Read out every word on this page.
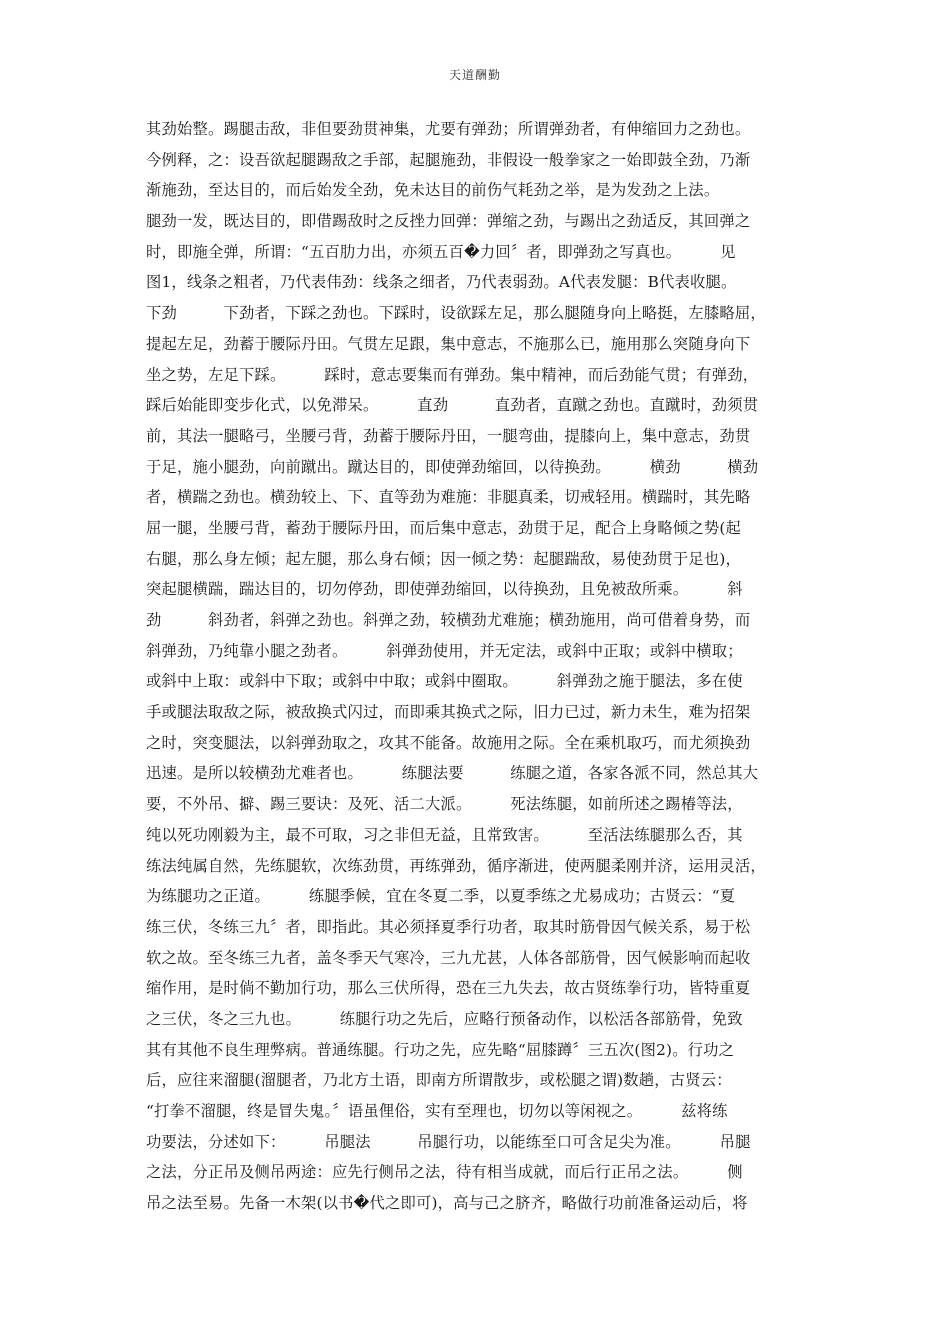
天道酬勤
其劲始整。踢腿击敌，非但要劲贯神集，尤要有弹劲；所谓弹劲者，有伸缩回力之劲也。
今例释，之：设吾欲起腿踢敌之手部，起腿施劲，非假设一般拳家之一始即鼓全劲，乃渐
渐施劲，至达目的，而后始发全劲，免未达目的前伤气耗劲之举，是为发劲之上法。
腿劲一发，既达目的，即借踢敌时之反挫力回弹：弹缩之劲，与踢出之劲适反，其回弹之
时，即施全弹，所谓：“五百肋力出，亦须五百�力回〞者，即弹劲之写真也。　　　见
图1，线条之粗者，乃代表伟劲：线条之细者，乃代表弱劲。A代表发腿：B代表收腿。
下劲　　　下劲者，下踩之劲也。下踩时，设欲踩左足，那么腿随身向上略挺，左膝略屈，
提起左足，劲蓄于腰际丹田。气贯左足跟，集中意志，不施那么已，施用那么突随身向下
坐之势，左足下踩。　　　踩时，意志要集而有弹劲。集中精神，而后劲能气贯；有弹劲，
踩后始能即变步化式，以免滞呆。　　　直劲　　　直劲者，直蹴之劲也。直蹴时，劲须贯
前，其法一腿略弓，坐腰弓背，劲蓄于腰际丹田，一腿弯曲，提膝向上，集中意志，劲贯
于足，施小腿劲，向前蹴出。蹴达目的，即使弹劲缩回，以待换劲。　　　横劲　　　横劲
者，横踹之劲也。横劲较上、下、直等劲为难施：非腿真柔，切戒轻用。横踹时，其先略
屈一腿，坐腰弓背，蓄劲于腰际丹田，而后集中意志，劲贯于足，配合上身略倾之势(起
右腿，那么身左倾；起左腿，那么身右倾；因一倾之势：起腿踹敌，易使劲贯于足也)，
突起腿横踹，踹达目的，切勿停劲，即使弹劲缩回，以待换劲，且免被敌所乘。　　　斜
劲　　　斜劲者，斜弹之劲也。斜弹之劲，较横劲尤难施；横劲施用，尚可借着身势，而
斜弹劲，乃纯靠小腿之劲者。　　　斜弹劲使用，并无定法，或斜中正取；或斜中横取；
或斜中上取：或斜中下取；或斜中中取；或斜中圈取。　　　斜弹劲之施于腿法，多在使
手或腿法取敌之际，被敌换式闪过，而即乘其换式之际，旧力已过，新力未生，难为招架
之时，突变腿法，以斜弹劲取之，攻其不能备。故施用之际。全在乘机取巧，而尤须换劲
迅速。是所以较横劲尤难者也。　　　练腿法要　　　练腿之道，各家各派不同，然总其大
要，不外吊、擗、踢三要诀：及死、活二大派。　　　死法练腿，如前所述之踢椿等法，
纯以死功刚毅为主，最不可取，习之非但无益，且常致害。　　　至活法练腿那么否，其
练法纯属自然，先练腿软，次练劲贯，再练弹劲，循序渐进，使两腿柔刚并济，运用灵活，
为练腿功之正道。　　　练腿季候，宜在冬夏二季，以夏季练之尤易成功；古贤云：“夏
练三伏，冬练三九〞者，即指此。其必须择夏季行功者，取其时筋骨因气候关系，易于松
软之故。至冬练三九者，盖冬季天气寒冷，三九尤甚，人体各部筋骨，因气候影响而起收
缩作用，是时倘不勤加行功，那么三伏所得，恐在三九失去，故古贤练拳行功，皆特重夏
之三伏，冬之三九也。　　　练腿行功之先后，应略行预备动作，以松活各部筋骨，免致
其有其他不良生理弊病。普通练腿。行功之先，应先略“屈膝蹲〞三五次(图2)。行功之
后，应往来溜腿(溜腿者，乃北方土语，即南方所谓散步，或松腿之谓)数趟，古贤云：
“打拳不溜腿，终是冒失鬼。〞语虽俚俗，实有至理也，切勿以等闲视之。　　　兹将练
功要法，分述如下：　　　吊腿法　　　吊腿行功，以能练至口可含足尖为准。　　　吊腿
之法，分正吊及侧吊两途：应先行侧吊之法，待有相当成就，而后行正吊之法。　　　侧
吊之法至易。先备一木架(以书�代之即可)，高与己之脐齐，略做行功前准备运动后，将
